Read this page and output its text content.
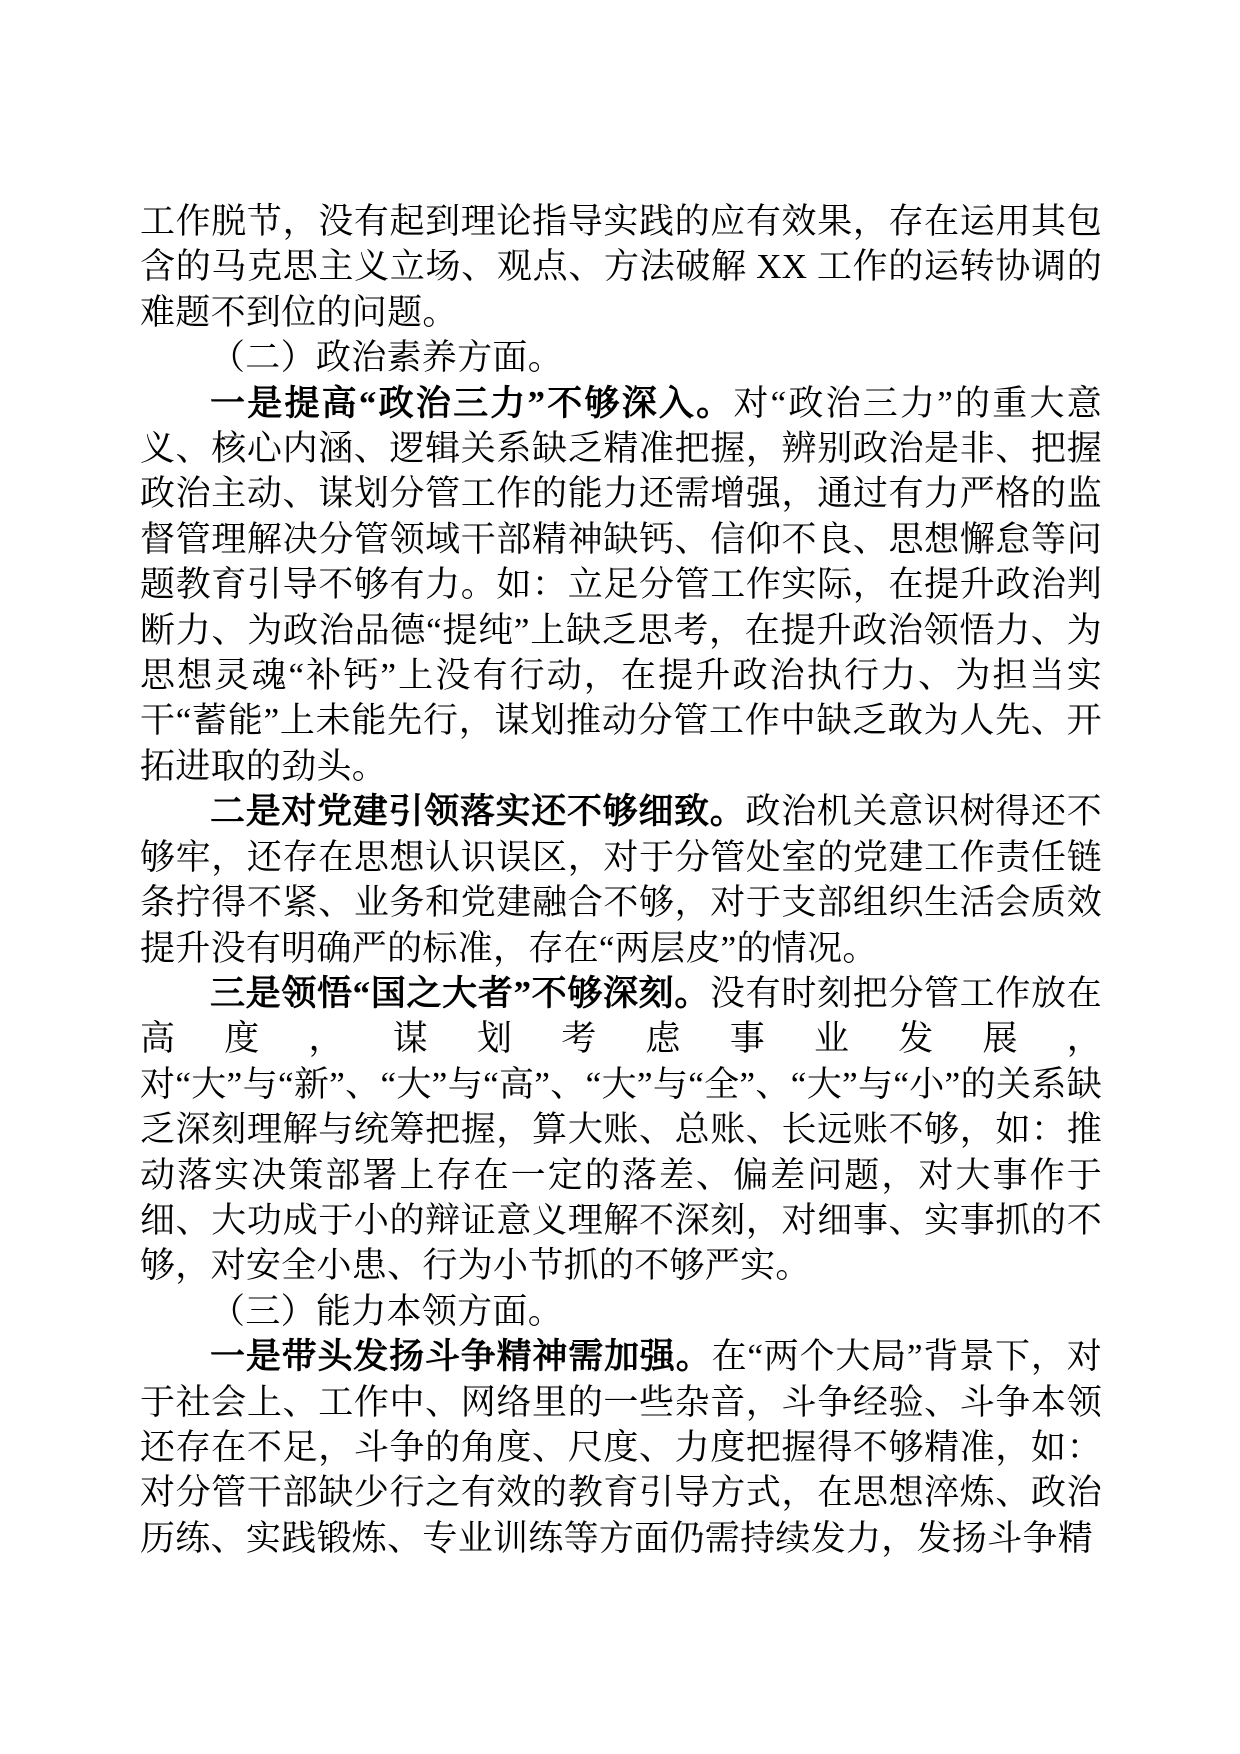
工作脱节，没有起到理论指导实践的应有效果，存在运用其包含的马克思主义立场、观点、方法破解 XX 工作的运转协调的难题不到位的问题。

（二）政治素养方面。

一是提高“政治三力”不够深入。对“政治三力”的重大意义、核心内涵、逻辑关系缺乏精准把握，辨别政治是非、把握政治主动、谋划分管工作的能力还需增强，通过有力严格的监督管理解决分管领域干部精神缺钙、信仰不良、思想懈怠等问题教育引导不够有力。如：立足分管工作实际，在提升政治判断力、为政治品德“提纯”上缺乏思考，在提升政治领悟力、为思想灵魂“补钙”上没有行动，在提升政治执行力、为担当实干“蓄能”上未能先行，谋划推动分管工作中缺乏敢为人先、开拓进取的劲头。

二是对党建引领落实还不够细致。政治机关意识树得还不够牢，还存在思想认识误区，对于分管处室的党建工作责任链条拧得不紧、业务和党建融合不够，对于支部组织生活会质效提升没有明确严的标准，存在“两层皮”的情况。

三是领悟“国之大者”不够深刻。没有时刻把分管工作放在高度，谋划考虑事业发展，对“大”与“新”、“大”与“高”、“大”与“全”、“大”与“小”的关系缺乏深刻理解与统筹把握，算大账、总账、长远账不够，如：推动落实决策部署上存在一定的落差、偏差问题，对大事作于细、大功成于小的辩证意义理解不深刻，对细事、实事抓的不够，对安全小患、行为小节抓的不够严实。

（三）能力本领方面。

一是带头发扬斗争精神需加强。在“两个大局”背景下，对于社会上、工作中、网络里的一些杂音，斗争经验、斗争本领还存在不足，斗争的角度、尺度、力度把握得不够精准，如：对分管干部缺少行之有效的教育引导方式，在思想淬炼、政治历练、实践锻炼、专业训练等方面仍需持续发力，发扬斗争精
